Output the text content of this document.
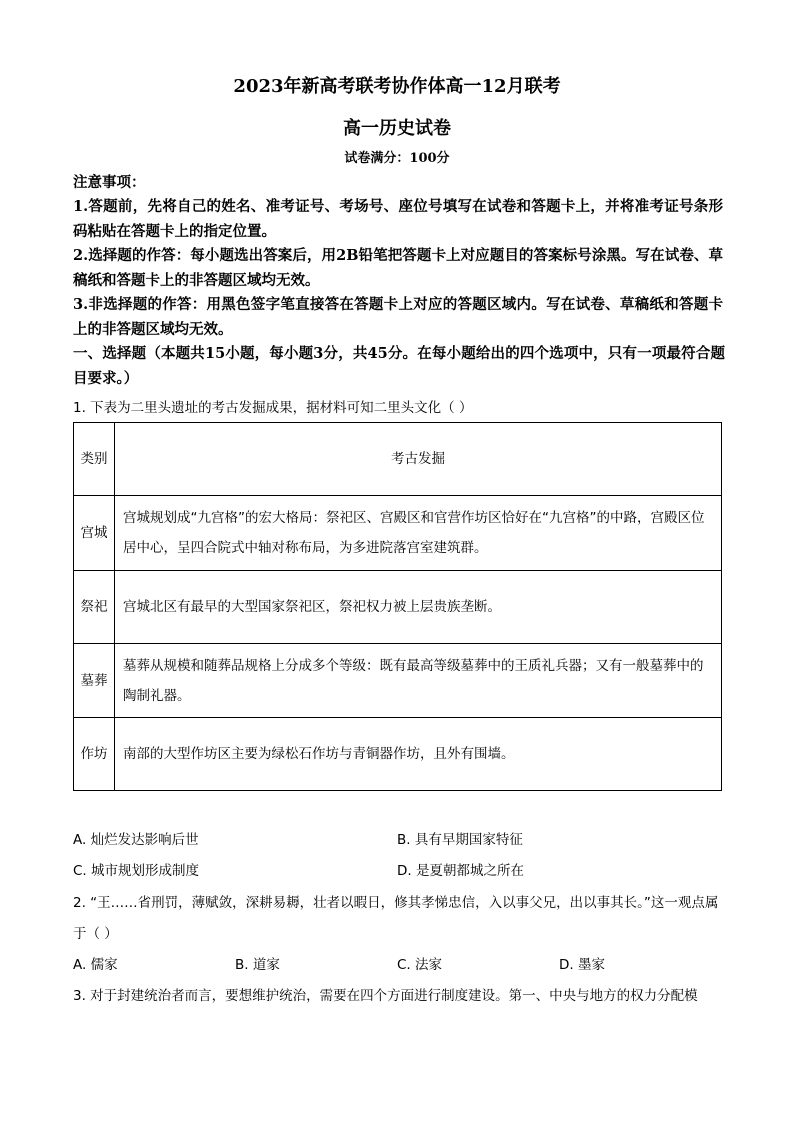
2023年新高考联考协作体高一12月联考
高一历史试卷
试卷满分：100分
注意事项：
1.答题前，先将自己的姓名、准考证号、考场号、座位号填写在试卷和答题卡上，并将准考证号条形码粘贴在答题卡上的指定位置。
2.选择题的作答：每小题选出答案后，用2B铅笔把答题卡上对应题目的答案标号涂黑。写在试卷、草稿纸和答题卡上的非答题区域均无效。
3.非选择题的作答：用黑色签字笔直接答在答题卡上对应的答题区域内。写在试卷、草稿纸和答题卡上的非答题区域均无效。
一、选择题（本题共15小题，每小题3分，共45分。在每小题给出的四个选项中，只有一项最符合题目要求。）
1. 下表为二里头遗址的考古发掘成果，据材料可知二里头文化（ ）
类别	考古发掘
宫城	宫城规划成“九宫格”的宏大格局：祭祀区、宫殿区和官营作坊区恰好在“九宫格”的中路，宫殿区位居中心，呈四合院式中轴对称布局，为多进院落宫室建筑群。
祭祀	宫城北区有最早的大型国家祭祀区，祭祀权力被上层贵族垄断。
墓葬	墓葬从规模和随葬品规格上分成多个等级：既有最高等级墓葬中的王质礼兵器；又有一般墓葬中的陶制礼器。
作坊	南部的大型作坊区主要为绿松石作坊与青铜器作坊，且外有围墙。
A. 灿烂发达影响后世	B. 具有早期国家特征
C. 城市规划形成制度	D. 是夏朝都城之所在
2. “王……省刑罚，薄赋敛，深耕易耨，壮者以暇日，修其孝悌忠信，入以事父兄，出以事其长。”这一观点属于（ ）
A. 儒家	B. 道家	C. 法家	D. 墨家
3. 对于封建统治者而言，要想维护统治，需要在四个方面进行制度建设。第一、中央与地方的权力分配模
